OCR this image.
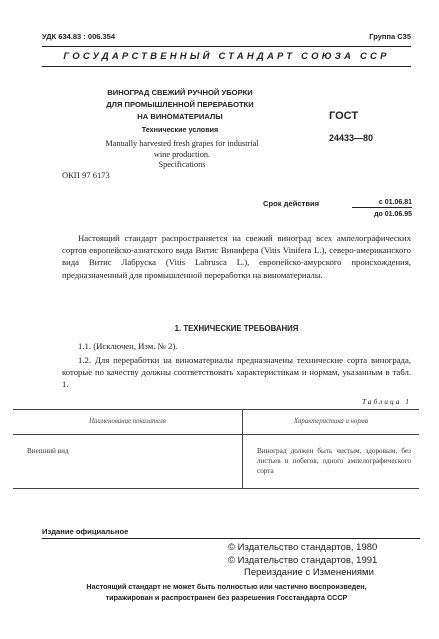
УДК 634.83 : 006.354	Группа С35
ГОСУДАРСТВЕННЫЙ СТАНДАРТ СОЮЗА ССР
ВИНОГРАД СВЕЖИЙ РУЧНОЙ УБОРКИ
ДЛЯ ПРОМЫШЛЕННОЙ ПЕРЕРАБОТКИ
НА ВИНОМАТЕРИАЛЫ
Технические условия
Manually harvested fresh grapes for industrial
wine production.
Specifications
ОКП 97 6173
ГОСТ
24433—80
Срок действия	с 01.06.81
до 01.06.95
Настоящий стандарт распространяется на свежий виноград всех ампелографических сортов европейско-азиатского вида Витис Винифера (Vitis Vinifera L.), северо-американского вида Витис Лабруска (Vitis Labrusca L.), европейско-амурского происхождения, предназначенный для промышленной переработки на виноматериалы.
1. ТЕХНИЧЕСКИЕ ТРЕБОВАНИЯ
1.1. (Исключен, Изм. № 2).
1.2. Для переработки на виноматериалы предназначены технические сорта винограда, которые по качеству должны соответствовать характеристикам и нормам, указанным в табл. 1.
Таблица 1
Наименование показателя	Характеристика и норма
Внешний вид	Виноград должен быть чистым, здоровым, без листьев и побегов, одного ампелографического сорта
Издание официальное
© Издательство стандартов, 1980
© Издательство стандартов, 1991
Переиздание с Изменениями
Настоящий стандарт не может быть полностью или частично воспроизведен,
тиражирован и распространен без разрешения Госстандарта СССР
